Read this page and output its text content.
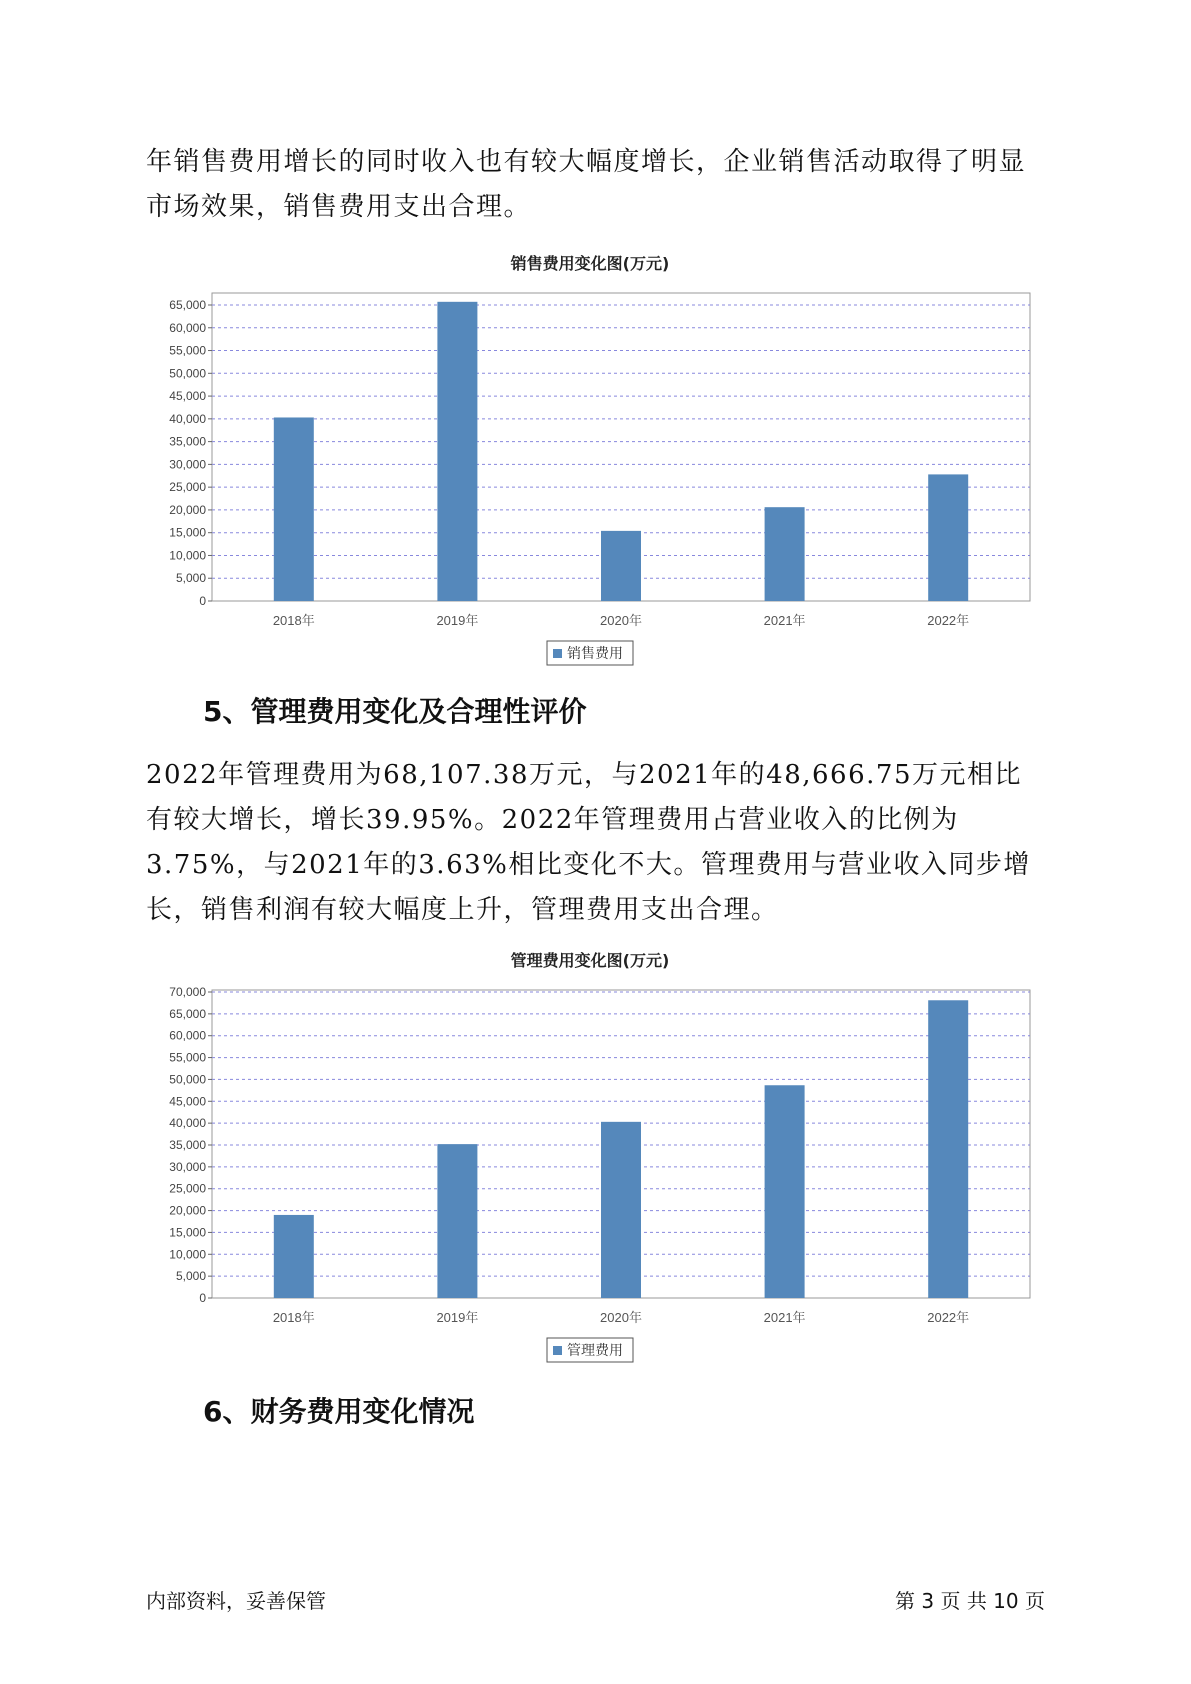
年销售费用增长的同时收入也有较大幅度增长，企业销售活动取得了明显市场效果，销售费用支出合理。

销售费用变化图(万元)
0
5,000
10,000
15,000
20,000
25,000
30,000
35,000
40,000
45,000
50,000
55,000
60,000
65,000
2018年	2019年	2020年	2021年	2022年
销售费用
5、管理费用变化及合理性评价

2022年管理费用为68,107.38万元，与2021年的48,666.75万元相比有较大增长，增长39.95%。2022年管理费用占营业收入的比例为3.75%，与2021年的3.63%相比变化不大。管理费用与营业收入同步增长，销售利润有较大幅度上升，管理费用支出合理。

管理费用变化图(万元)
0
5,000
10,000
15,000
20,000
25,000
30,000
35,000
40,000
45,000
50,000
55,000
60,000
65,000
70,000
2018年	2019年	2020年	2021年	2022年
管理费用
6、财务费用变化情况
内部资料，妥善保管	第 3 页 共 10 页
